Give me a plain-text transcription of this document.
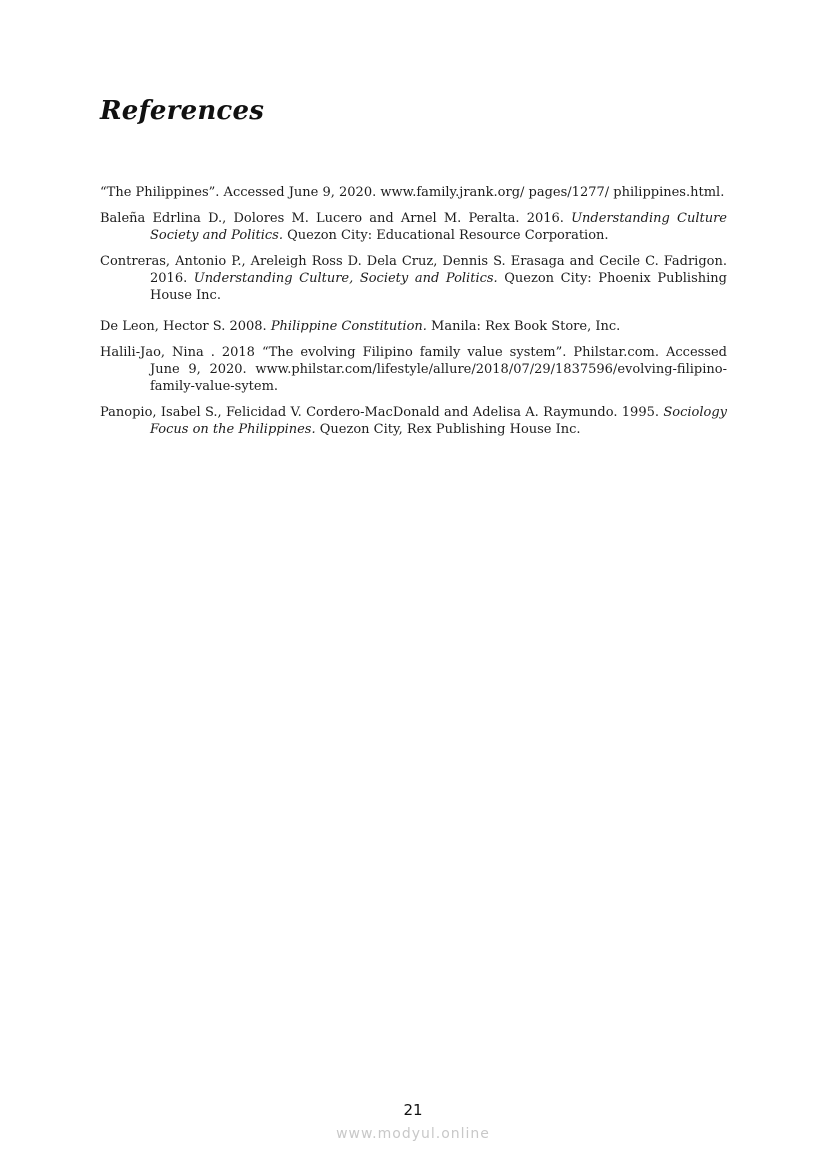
References
“The Philippines”. Accessed June 9, 2020. www.family.jrank.org/ pages/1277/ philippines.html.
Baleña Edrlina D., Dolores M. Lucero and Arnel M. Peralta. 2016. Understanding Culture Society and Politics. Quezon City: Educational Resource Corporation.
Contreras, Antonio P., Areleigh Ross D. Dela Cruz, Dennis S. Erasaga and Cecile C. Fadrigon. 2016. Understanding Culture, Society and Politics. Quezon City: Phoenix Publishing House Inc.
De Leon, Hector S. 2008. Philippine Constitution. Manila: Rex Book Store, Inc.
Halili-Jao, Nina . 2018 “The evolving Filipino family value system”. Philstar.com. Accessed June 9, 2020. www.philstar.com/lifestyle/allure/2018/07/29/1837596/evolving-filipino-family-value-sytem.
Panopio, Isabel S., Felicidad V. Cordero-MacDonald and Adelisa A. Raymundo. 1995. Sociology Focus on the Philippines. Quezon City, Rex Publishing House Inc.
21
www.modyul.online
